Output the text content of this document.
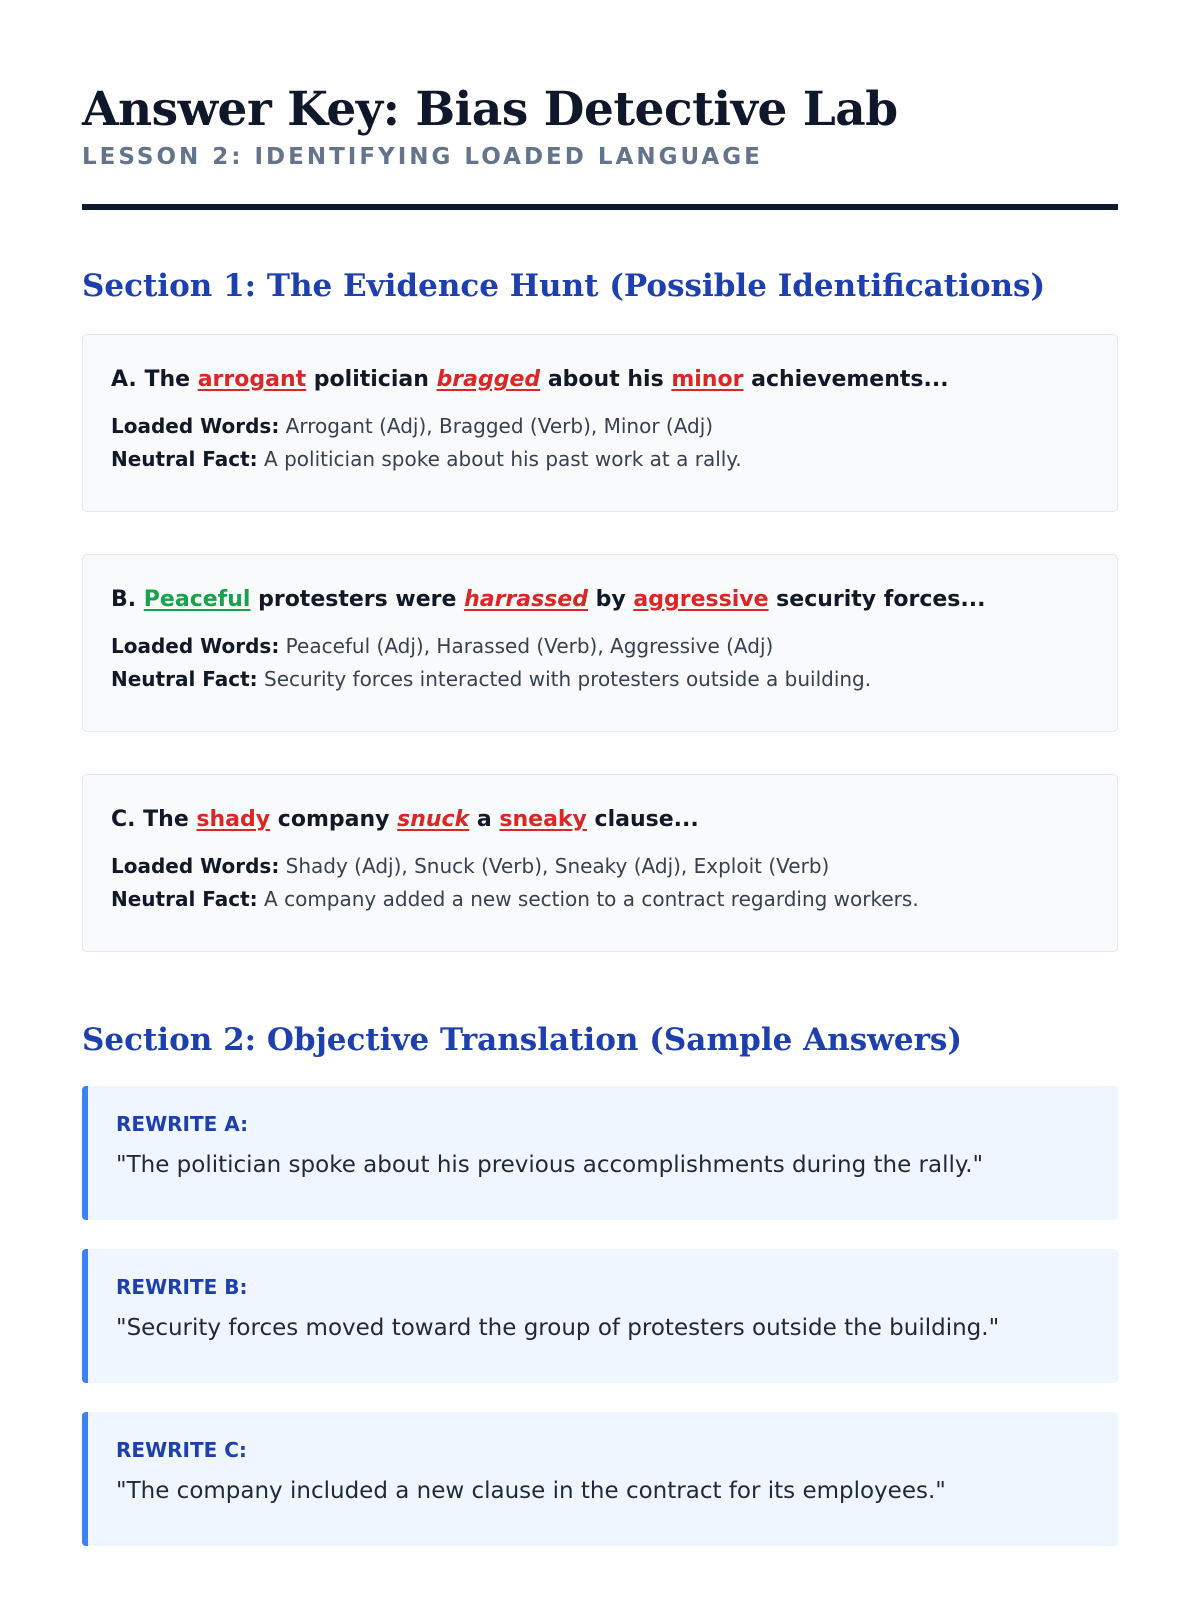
Answer Key: Bias Detective Lab
LESSON 2: IDENTIFYING LOADED LANGUAGE
Section 1: The Evidence Hunt (Possible Identifications)
A. The arrogant politician bragged about his minor achievements...
Loaded Words: Arrogant (Adj), Bragged (Verb), Minor (Adj)
Neutral Fact: A politician spoke about his past work at a rally.
B. Peaceful protesters were harrassed by aggressive security forces...
Loaded Words: Peaceful (Adj), Harassed (Verb), Aggressive (Adj)
Neutral Fact: Security forces interacted with protesters outside a building.
C. The shady company snuck a sneaky clause...
Loaded Words: Shady (Adj), Snuck (Verb), Sneaky (Adj), Exploit (Verb)
Neutral Fact: A company added a new section to a contract regarding workers.
Section 2: Objective Translation (Sample Answers)
REWRITE A:
"The politician spoke about his previous accomplishments during the rally."
REWRITE B:
"Security forces moved toward the group of protesters outside the building."
REWRITE C:
"The company included a new clause in the contract for its employees."
